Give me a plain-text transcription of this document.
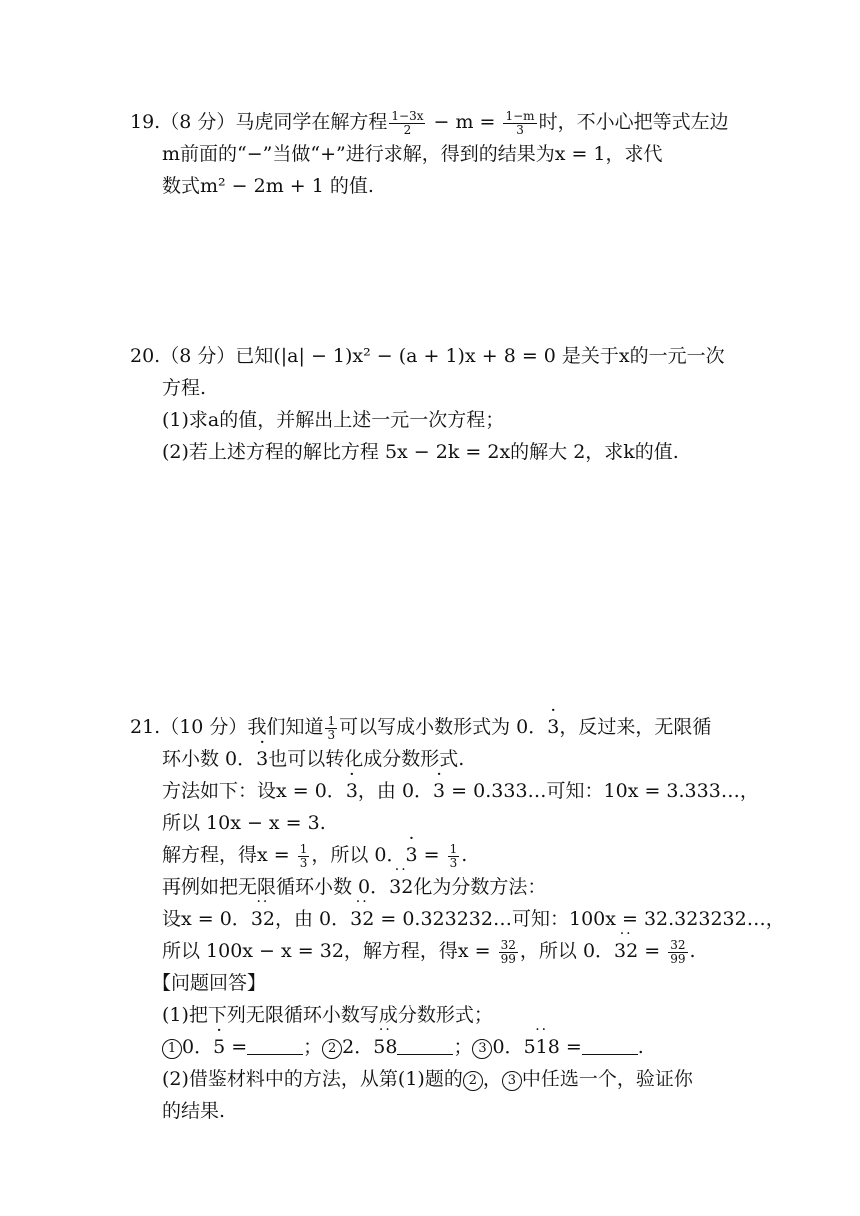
19.（8 分）马虎同学在解方程 $\frac{1-3x}{2} - m = \frac{1-m}{3}$ 时，不小心把等式左边
m前面的“−”当做“+”进行求解，得到的结果为x = 1，求代
数式m² − 2m + 1 的值.
20.（8 分）已知(|a| − 1)x² − (a + 1)x + 8 = 0 是关于x的一元一次
方程.
(1)求a的值，并解出上述一元一次方程；
(2)若上述方程的解比方程 5x − 2k = 2x的解大 2，求k的值.
21.（10 分）我们知道 $\frac{1}{3}$ 可以写成小数形式为 0．· 3，反过来，无限循
环小数 0．· 3也可以转化成分数形式.
方法如下：设x = 0．· 3，由 0．· 3 = 0.333…可知：10x = 3.333…，
所以 10x − x = 3.
解方程，得$x = \frac{1}{3}$ ，所以 0．· $3 = \frac{1}{3}$ .
再例如把无限循环小数 0．·· 32化为分数方法：
设x = 0．·· 32，由 0．·· 32 = 0.323232…可知：100x = 32.323232…，
所以 100x − x = 32，解方程，得$x = \frac{32}{99}$ ，所以 0．·· $32 = \frac{32}{99}$ .
【问题回答】
(1)把下列无限循环小数写成分数形式；
1 0．· 5 =	； 2 2．·· 58	； 3 0．·· 518 =	.
(2)借鉴材料中的方法，从第(1)题的 2 ， 3 中任选一个，验证你
的结果.
